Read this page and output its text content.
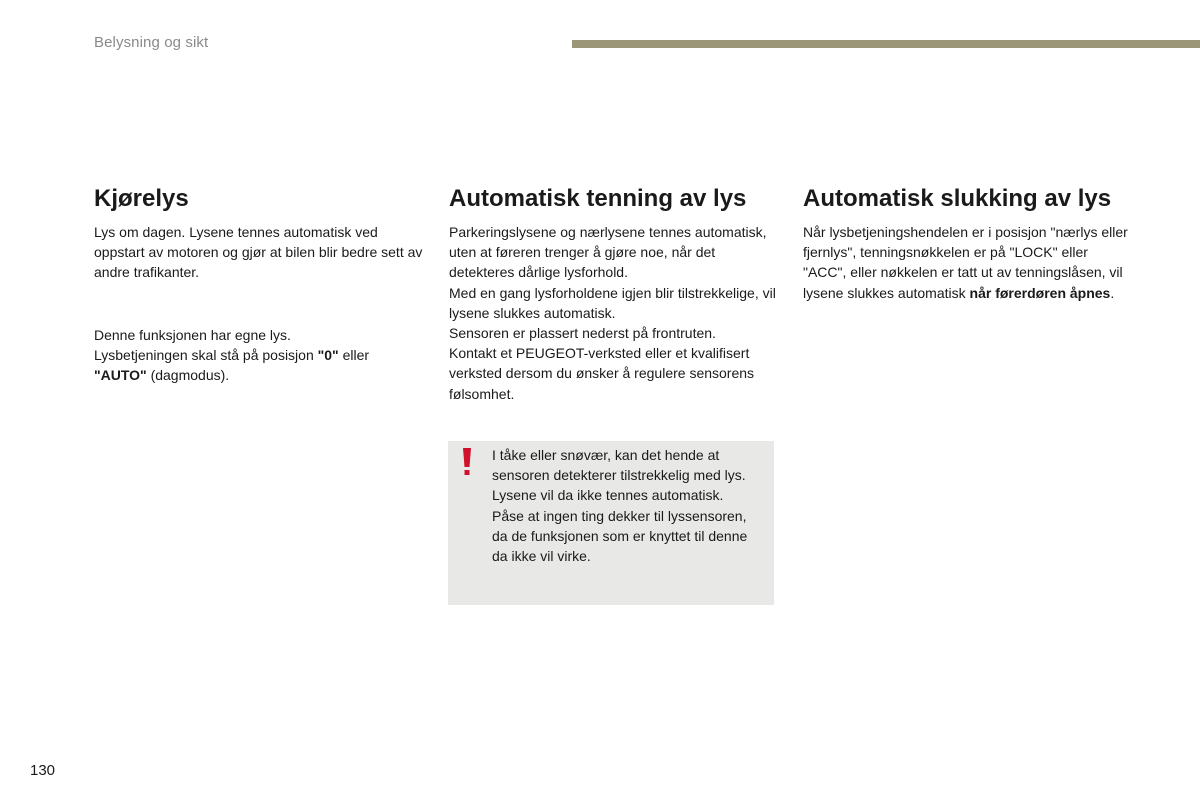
Belysning og sikt
Kjørelys

Lys om dagen. Lysene tennes automatisk ved oppstart av motoren og gjør at bilen blir bedre sett av andre trafikanter.

Denne funksjonen har egne lys.
Lysbetjeningen skal stå på posisjon "0" eller
"AUTO" (dagmodus).

Automatisk tenning av lys

Parkeringslysene og nærlysene tennes automatisk, uten at føreren trenger å gjøre noe, når det detekteres dårlige lysforhold.

Med en gang lysforholdene igjen blir tilstrekkelige, vil lysene slukkes automatisk.

Sensoren er plassert nederst på frontruten.

Kontakt et PEUGEOT-verksted eller et kvalifisert verksted dersom du ønsker å regulere sensorens følsomhet.

Automatisk slukking av lys

Når lysbetjeningshendelen er i posisjon "nærlys eller fjernlys", tenningsnøkkelen er på "LOCK" eller "ACC", eller nøkkelen er tatt ut av tenningslåsen, vil lysene slukkes automatisk når førerdøren åpnes.

I tåke eller snøvær, kan det hende at sensoren detekterer tilstrekkelig med lys. Lysene vil da ikke tennes automatisk.
Påse at ingen ting dekker til lyssensoren, da de funksjonen som er knyttet til denne da ikke vil virke.
130
